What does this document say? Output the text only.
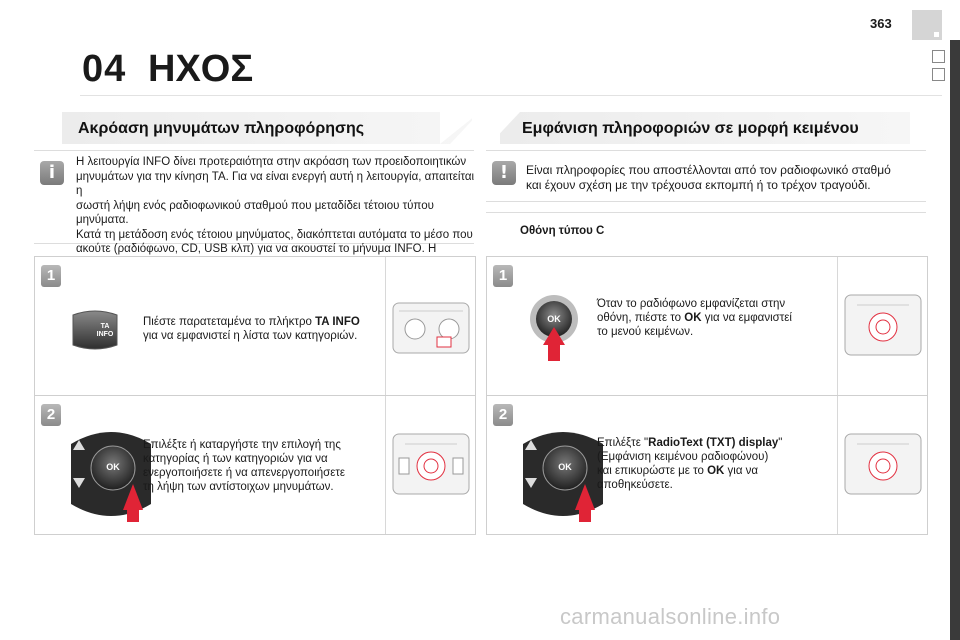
363
04 ΗΧΟΣ
Ακρόαση μηνυμάτων πληροφόρησης
i	Η λειτουργία INFO δίνει προτεραιότητα στην ακρόαση των προειδοποιητικών
μηνυμάτων για την κίνηση TA. Για να είναι ενεργή αυτή η λειτουργία, απαιτείται η
σωστή λήψη ενός ραδιοφωνικού σταθμού που μεταδίδει τέτοιου τύπου μηνύματα.
Κατά τη μετάδοση ενός τέτοιου μηνύματος, διακόπτεται αυτόματα το μέσο που
ακούτε (ραδιόφωνο, CD, USB κλπ) για να ακουστεί το μήνυμα INFO. Η
1
TA
INFO
Πιέστε παρατεταμένα το πλήκτρο TA INFO
για να εμφανιστεί η λίστα των κατηγοριών.
2
OK
Επιλέξτε ή καταργήστε την επιλογή της
κατηγορίας ή των κατηγοριών για να
ενεργοποιήσετε ή να απενεργοποιήσετε
τη λήψη των αντίστοιχων μηνυμάτων.
Εμφάνιση πληροφοριών σε μορφή κειμένου
!	Είναι πληροφορίες που αποστέλλονται από τον ραδιοφωνικό σταθμό
και έχουν σχέση με την τρέχουσα εκπομπή ή το τρέχον τραγούδι.
Οθόνη τύπου C
1
OK
Όταν το ραδιόφωνο εμφανίζεται στην
οθόνη, πιέστε το OK για να εμφανιστεί
το μενού κειμένων.
2
OK
Επιλέξτε "RadioText (TXT) display"
(Εμφάνιση κειμένου ραδιοφώνου)
και επικυρώστε με το OK για να
αποθηκεύσετε.
carmanualsonline.info
